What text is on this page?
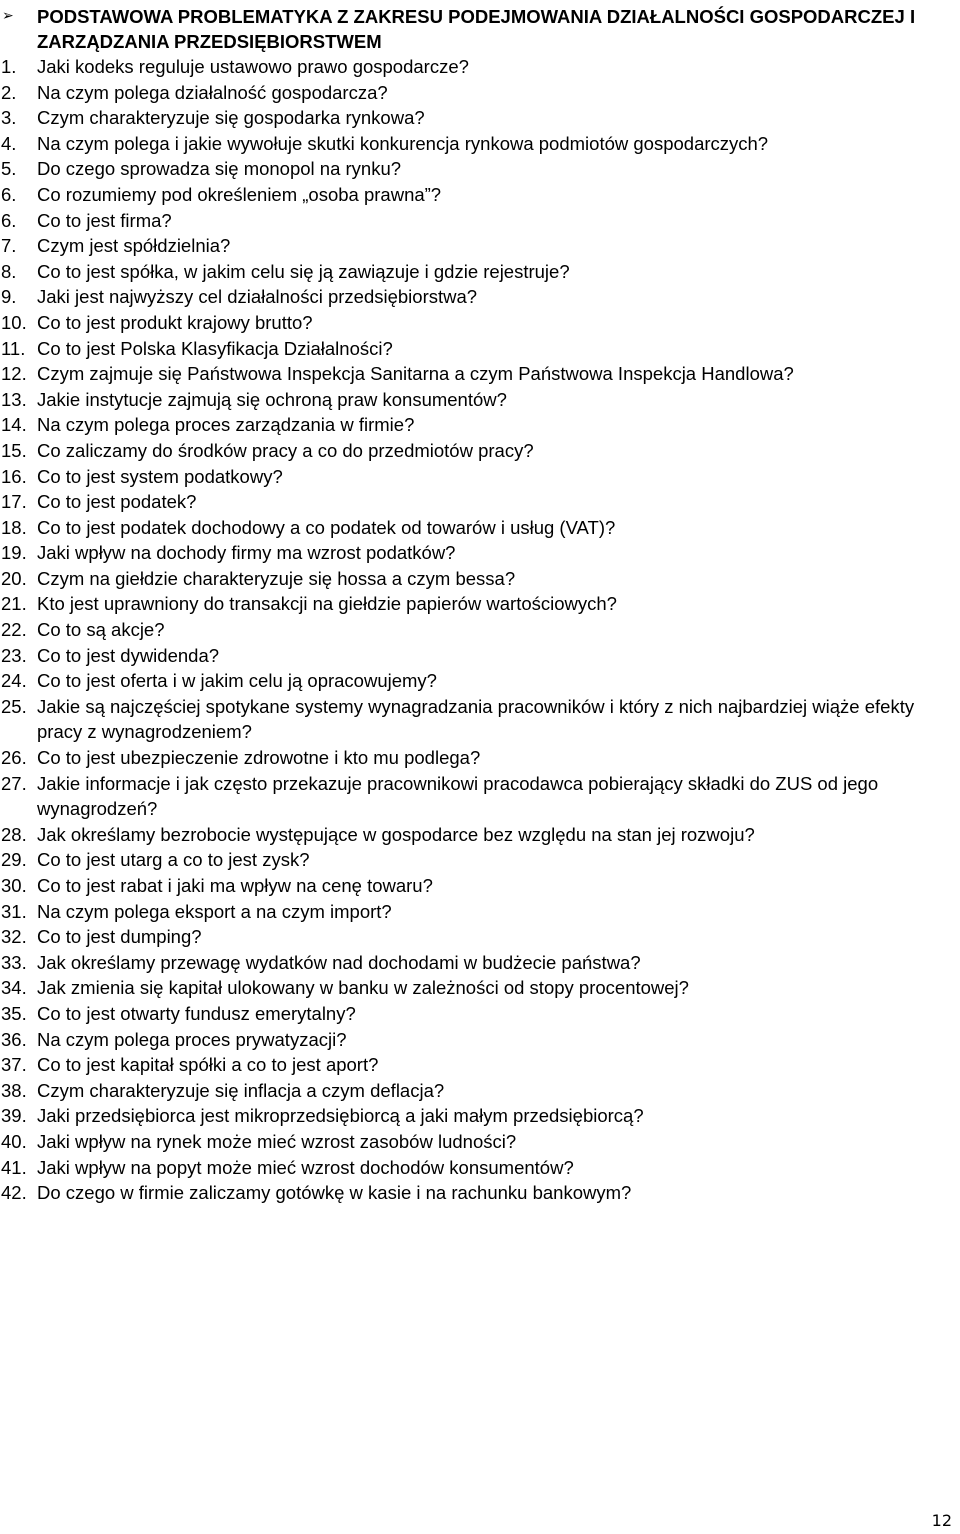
➢ PODSTAWOWA PROBLEMATYKA Z ZAKRESU PODEJMOWANIA DZIAŁALNOŚCI GOSPODARCZEJ I ZARZĄDZANIA PRZEDSIĘBIORSTWEM

1. Jaki kodeks reguluje ustawowo prawo gospodarcze?
2. Na czym polega działalność gospodarcza?
3. Czym charakteryzuje się gospodarka rynkowa?
4. Na czym polega i jakie wywołuje skutki konkurencja rynkowa podmiotów gospodarczych?
5. Do czego sprowadza się monopol na rynku?
6. Co rozumiemy pod określeniem „osoba prawna”?
6. Co to jest firma?
7. Czym jest spółdzielnia?
8. Co to jest spółka, w jakim celu się ją zawiązuje i gdzie rejestruje?
9. Jaki jest najwyższy cel działalności przedsiębiorstwa?
10. Co to jest produkt krajowy brutto?
11. Co to jest Polska Klasyfikacja Działalności?
12. Czym zajmuje się Państwowa Inspekcja Sanitarna a czym Państwowa Inspekcja Handlowa?
13. Jakie instytucje zajmują się ochroną praw konsumentów?
14. Na czym polega proces zarządzania w firmie?
15. Co zaliczamy do środków pracy a co do przedmiotów pracy?
16. Co to jest system podatkowy?
17. Co to jest podatek?
18. Co to jest podatek dochodowy a co podatek od towarów i usług (VAT)?
19. Jaki wpływ na dochody firmy ma wzrost podatków?
20. Czym na giełdzie charakteryzuje się hossa a czym bessa?
21. Kto jest uprawniony do transakcji na giełdzie papierów wartościowych?
22. Co to są akcje?
23. Co to jest dywidenda?
24. Co to jest oferta i w jakim celu ją opracowujemy?
25. Jakie są najczęściej spotykane systemy wynagradzania pracowników i który z nich najbardziej wiąże efekty pracy z wynagrodzeniem?
26. Co to jest ubezpieczenie zdrowotne i kto mu podlega?
27. Jakie informacje i jak często przekazuje pracownikowi pracodawca pobierający składki do ZUS od jego wynagrodzeń?
28. Jak określamy bezrobocie występujące w gospodarce bez względu na stan jej rozwoju?
29. Co to jest utarg a co to jest zysk?
30. Co to jest rabat i jaki ma wpływ na cenę towaru?
31. Na czym polega eksport a na czym import?
32. Co to jest dumping?
33. Jak określamy przewagę wydatków nad dochodami w budżecie państwa?
34. Jak zmienia się kapitał ulokowany w banku w zależności od stopy procentowej?
35. Co to jest otwarty fundusz emerytalny?
36. Na czym polega proces prywatyzacji?
37. Co to jest kapitał spółki a co to jest aport?
38. Czym charakteryzuje się inflacja a czym deflacja?
39. Jaki przedsiębiorca jest mikroprzedsiębiorcą a jaki małym przedsiębiorcą?
40. Jaki wpływ na rynek może mieć wzrost zasobów ludności?
41. Jaki wpływ na popyt może mieć wzrost dochodów konsumentów?
42. Do czego w firmie zaliczamy gotówkę w kasie i na rachunku bankowym?
12
